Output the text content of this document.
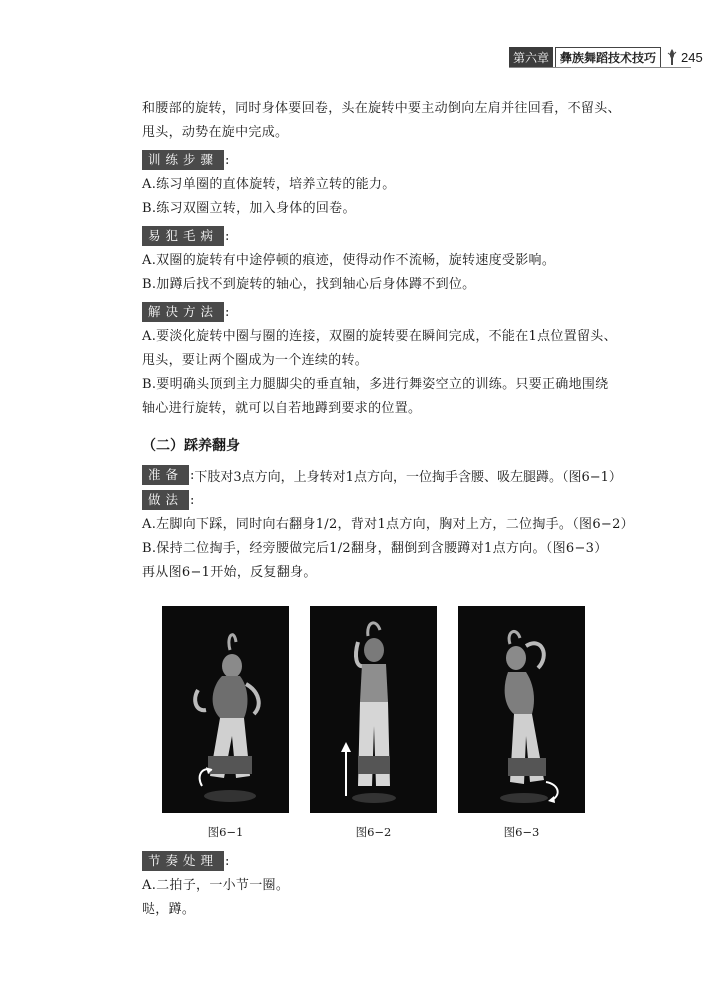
第六章 彝族舞蹈技术技巧	245

和腰部的旋转，同时身体要回卷，头在旋转中要主动倒向左肩并往回看，不留头、

甩头，动势在旋中完成。

训练步骤 :

A.练习单圈的直体旋转，培养立转的能力。

B.练习双圈立转，加入身体的回卷。

易犯毛病 :

A.双圈的旋转有中途停顿的痕迹，使得动作不流畅，旋转速度受影响。

B.加蹲后找不到旋转的轴心，找到轴心后身体蹲不到位。

解决方法 :

A.要淡化旋转中圈与圈的连接，双圈的旋转要在瞬间完成，不能在1点位置留头、

甩头，要让两个圈成为一个连续的转。

B.要明确头顶到主力腿脚尖的垂直轴，多进行舞姿空立的训练。只要正确地围绕

轴心进行旋转，就可以自若地蹲到要求的位置。

（二）踩养翻身
准备 : 下肢对3点方向，上身转对1点方向，一位掏手含腰、吸左腿蹲。（图6−1）
做法 :

A.左脚向下踩，同时向右翻身1/2，背对1点方向，胸对上方，二位掏手。（图6−2）

B.保持二位掏手，经旁腰做完后1/2翻身，翻倒到含腰蹲对1点方向。（图6−3）

再从图6−1开始，反复翻身。

图6−1	图6−2	图6−3
节奏处理 :

A.二拍子，一小节一圈。

哒，蹲。
